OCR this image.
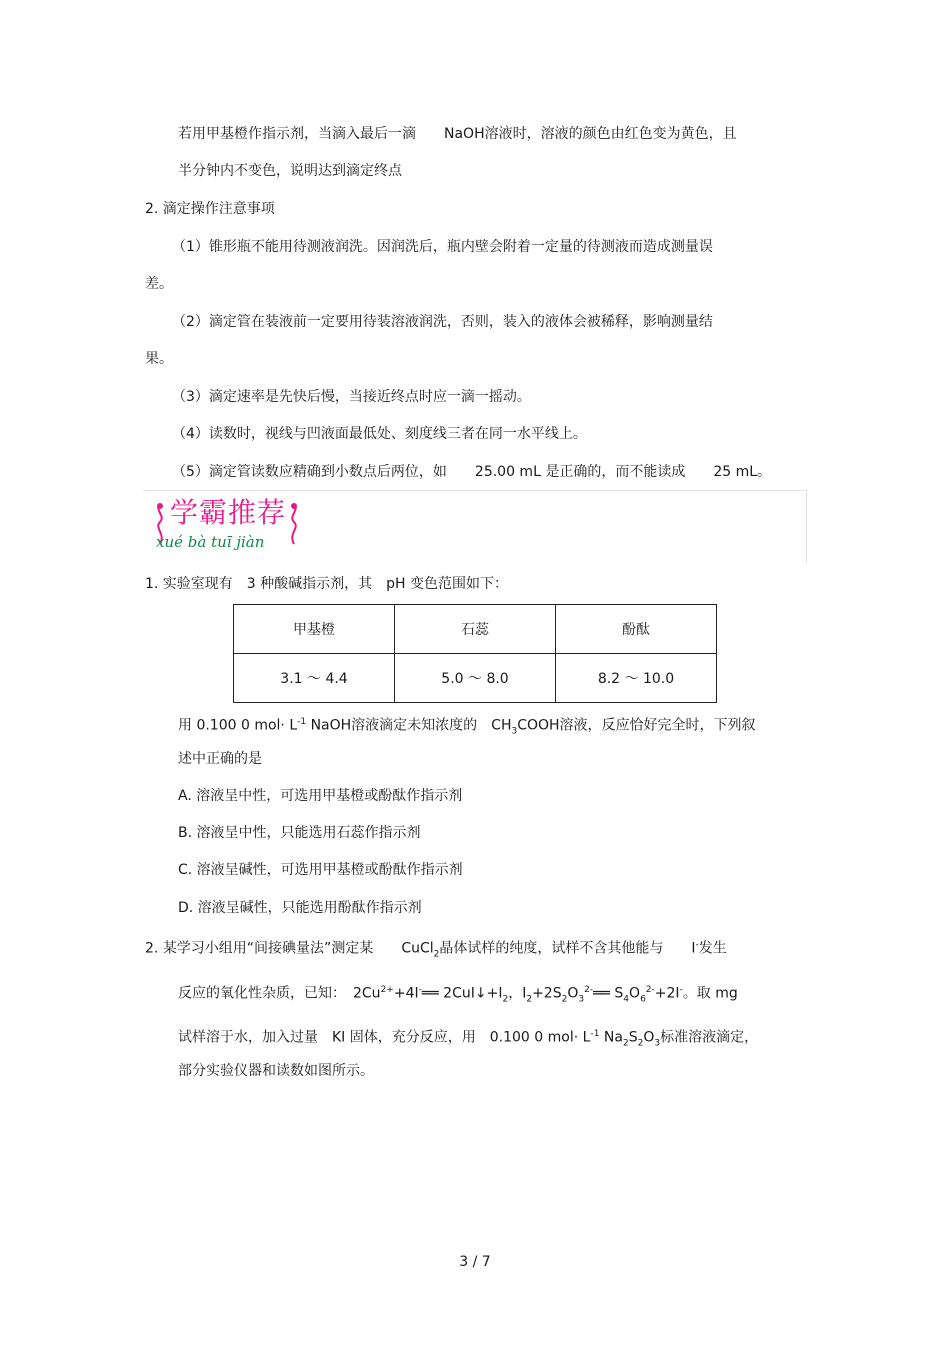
若用甲基橙作指示剂，当滴入最后一滴　　NaOH溶液时，溶液的颜色由红色变为黄色，且
半分钟内不变色，说明达到滴定终点
2. 滴定操作注意事项
（1）锥形瓶不能用待测液润洗。因润洗后，瓶内壁会附着一定量的待测液而造成测量误
差。
（2）滴定管在装液前一定要用待装溶液润洗，否则，装入的液体会被稀释，影响测量结
果。
（3）滴定速率是先快后慢，当接近终点时应一滴一摇动。
（4）读数时，视线与凹液面最低处、刻度线三者在同一水平线上。
（5）滴定管读数应精确到小数点后两位，如　　25.00 mL 是正确的，而不能读成　　25 mL。
学霸推荐
xué bà tuī jiàn
1. 实验室现有　3 种酸碱指示剂，其　pH 变色范围如下：
甲基橙	石蕊	酚酞
3.1 ～ 4.4	5.0 ～ 8.0	8.2 ～ 10.0
用 0.100 0 $mol\cdot L^{-1}$ NaOH溶液滴定未知浓度的　$CH_3COOH$溶液，反应恰好完全时，下列叙
述中正确的是
A. 溶液呈中性，可选用甲基橙或酚酞作指示剂
B. 溶液呈中性，只能选用石蕊作指示剂
C. 溶液呈碱性，可选用甲基橙或酚酞作指示剂
D. 溶液呈碱性，只能选用酚酞作指示剂
2. 某学习小组用“间接碘量法”测定某　　CuCl$_2$晶体试样的纯度，试样不含其他能与　　I-发生
反应的氧化性杂质，已知：　$2Cu^{2+}+4I^-══$ $2CuI↓+I_2$，$I_2+2S_2O_3^{2-}══$ $S_4O_6^{2-}+2I^-$。取 mg
试样溶于水，加入过量　KI 固体，充分反应，用　0.100 0 $mol\cdot L^{-1}$ $Na_2S_2O_3$标准溶液滴定，
部分实验仪器和读数如图所示。
3 / 7
